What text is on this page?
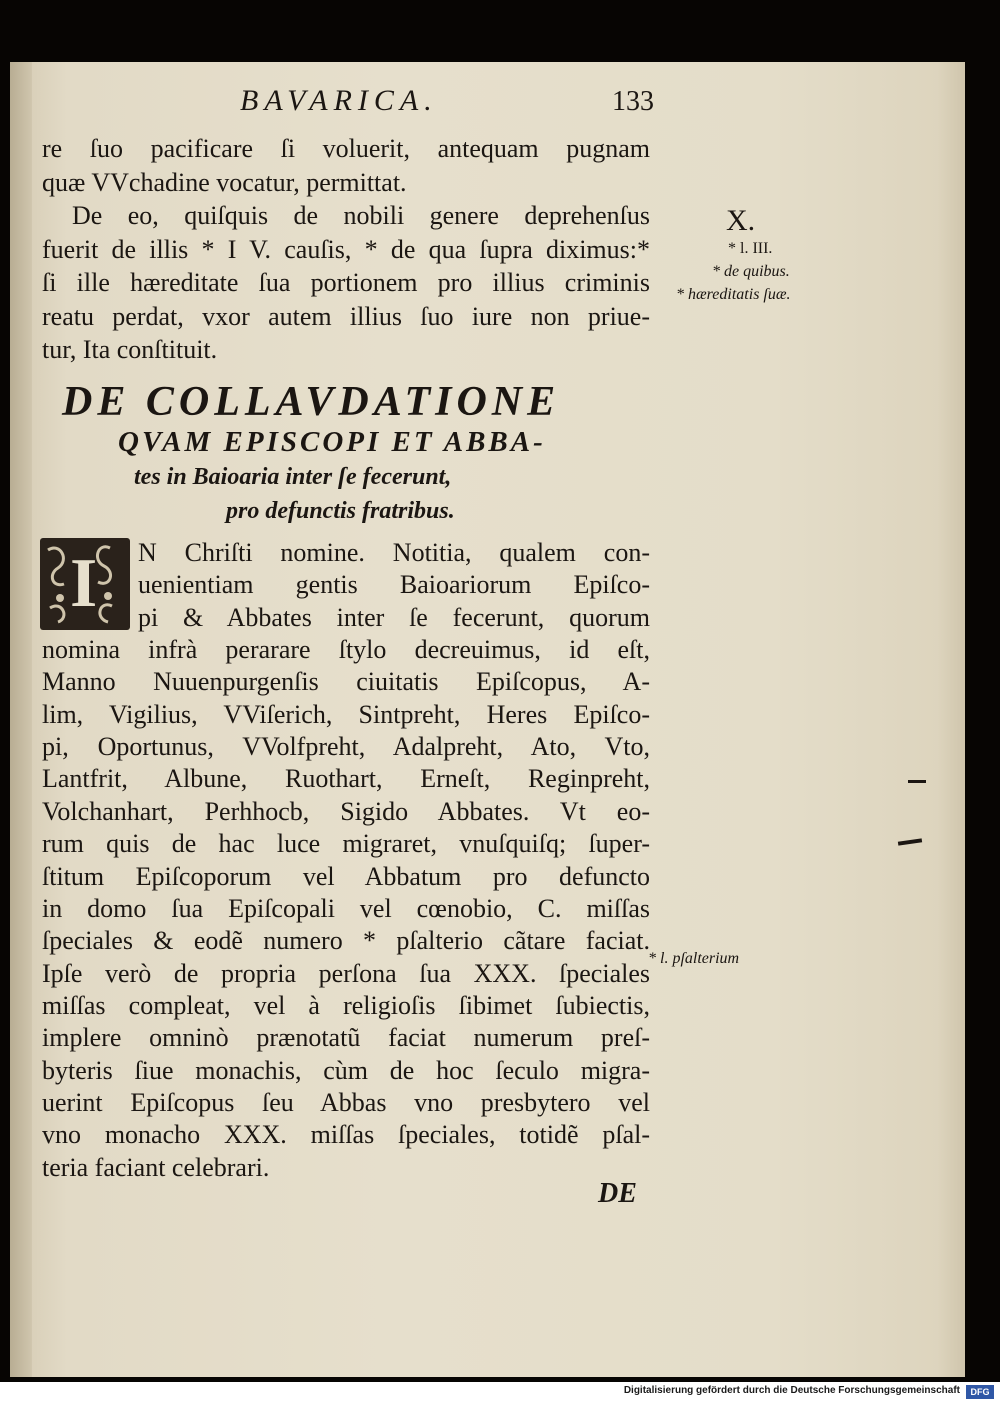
BAVARICA.	133
DE COLLAVDATIONE
QVAM EPISCOPI ET ABBA-
tes in Baioaria inter ſe fecerunt,
pro defunctis fratribus.
I
DE
X.
* l. III.
* de quibus.
* hæreditatis ſuæ.
* l. pſalterium
re ſuo pacificare ſi voluerit, antequam pugnam
quæ VVchadine vocatur, permittat.
De eo, quiſquis de nobili genere deprehenſus
fuerit de illis * I V. cauſis, * de qua ſupra diximus:*
ſi ille hæreditate ſua portionem pro illius criminis
reatu perdat, vxor autem illius ſuo iure non priue-
tur, Ita conſtituit.
N Chriſti nomine. Notitia, qualem con-
uenientiam gentis Baioariorum Epiſco-
pi & Abbates inter ſe fecerunt, quorum
nomina infrà perarare ſtylo decreuimus, id eſt,
Manno Nuuenpurgenſis ciuitatis Epiſcopus, A-
lim, Vigilius, VViſerich, Sintpreht, Heres Epiſco-
pi, Oportunus, VVolfpreht, Adalpreht, Ato, Vto,
Lantfrit, Albune, Ruothart, Erneſt, Reginpreht,
Volchanhart, Perhhocb, Sigido Abbates. Vt eo-
rum quis de hac luce migraret, vnuſquiſq; ſuper-
ſtitum Epiſcoporum vel Abbatum pro defuncto
in domo ſua Epiſcopali vel cœnobio, C. miſſas
ſpeciales & eodẽ numero * pſalterio cãtare faciat.
Ipſe verò de propria perſona ſua XXX. ſpeciales
miſſas compleat, vel à religioſis ſibimet ſubiectis,
implere omninò prænotatũ faciat numerum preſ-
byteris ſiue monachis, cùm de hoc ſeculo migra-
uerint Epiſcopus ſeu Abbas vno presbytero vel
vno monacho XXX. miſſas ſpeciales, totidẽ pſal-
teria faciant celebrari.
Digitalisierung gefördert durch die Deutsche Forschungsgemeinschaft	DFG
